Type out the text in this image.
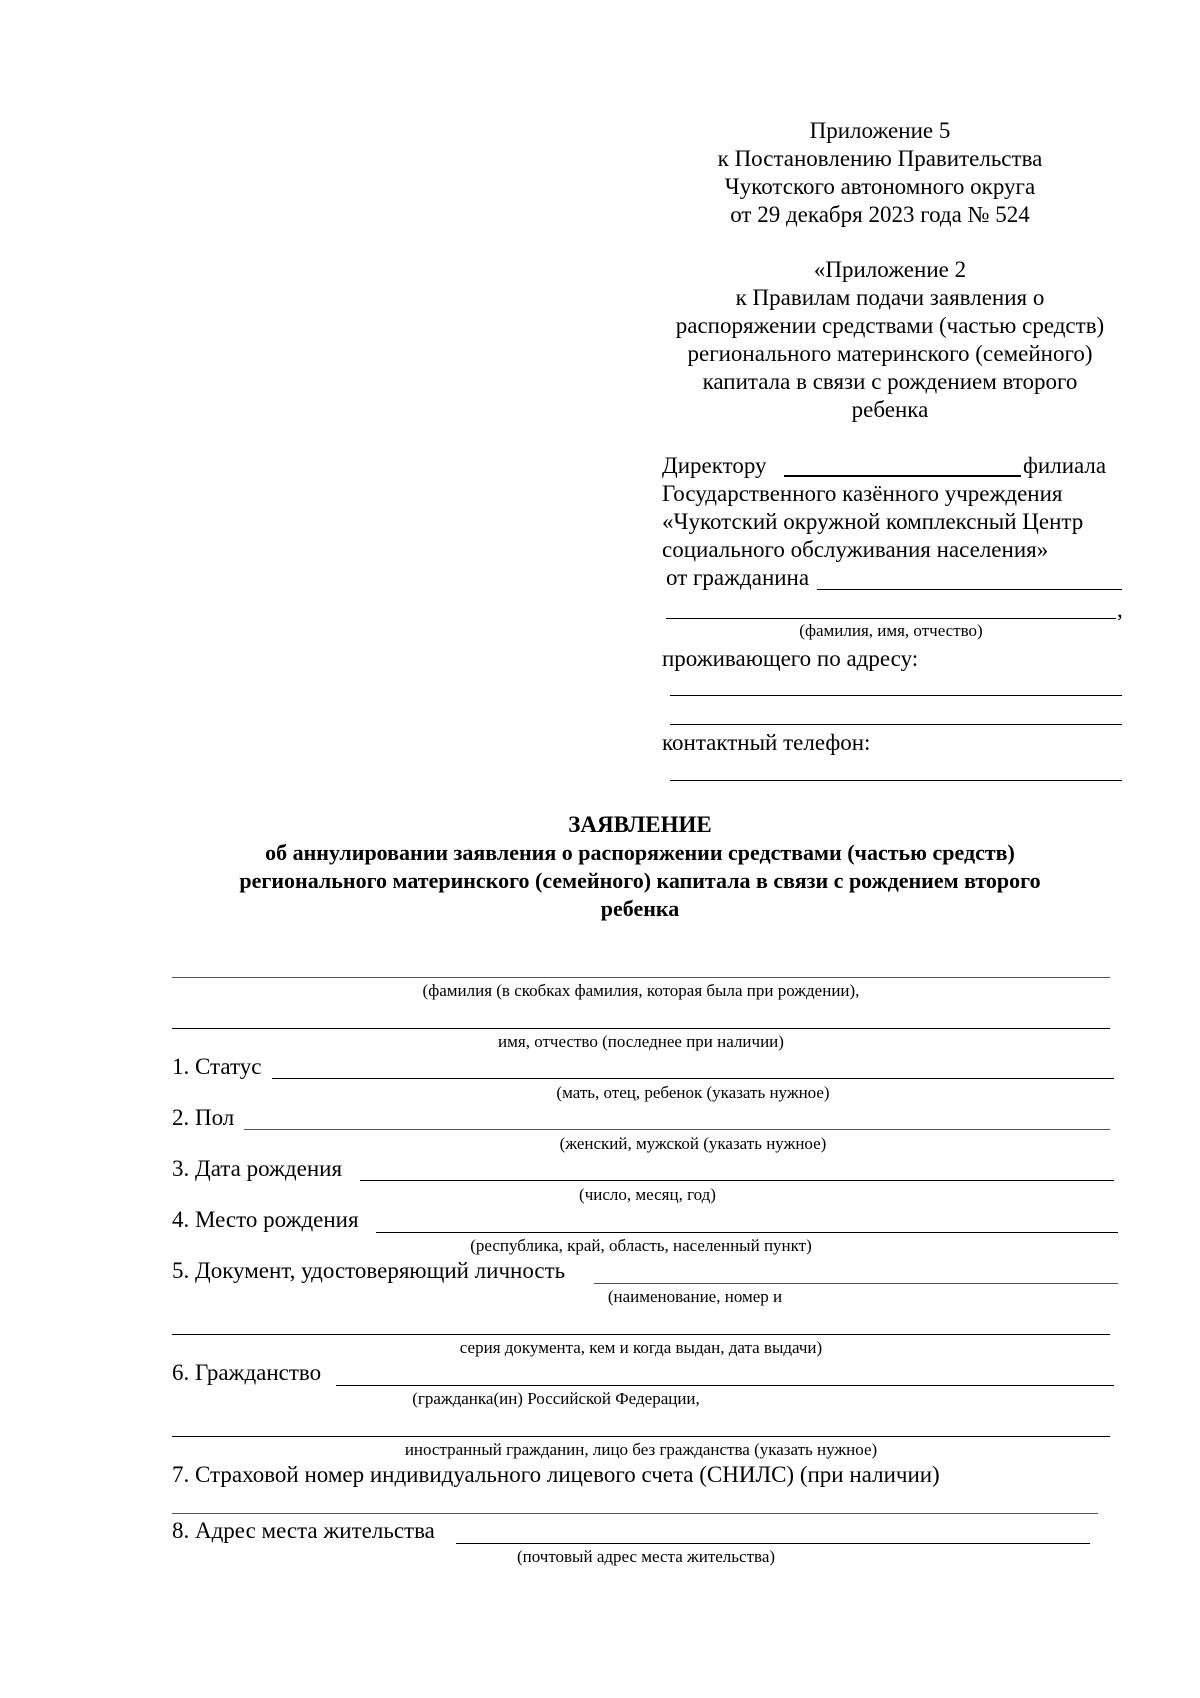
Приложение 5
к Постановлению Правительства
Чукотского автономного округа
от 29 декабря 2023 года № 524
«Приложение 2
к Правилам подачи заявления о
распоряжении средствами (частью средств)
регионального материнского (семейного)
капитала в связи с рождением второго
ребенка
Директору	филиала
Государственного казённого учреждения
«Чукотский окружной комплексный Центр
социального обслуживания населения»
от гражданина
,
(фамилия, имя, отчество)
проживающего по адресу:
контактный телефон:
ЗАЯВЛЕНИЕ
об аннулировании заявления о распоряжении средствами (частью средств)
регионального материнского (семейного) капитала в связи с рождением второго
ребенка
(фамилия (в скобках фамилия, которая была при рождении),
имя, отчество (последнее при наличии)
1. Статус
(мать, отец, ребенок (указать нужное)
2. Пол
(женский, мужской (указать нужное)
3. Дата рождения
(число, месяц, год)
4. Место рождения
(республика, край, область, населенный пункт)
5. Документ, удостоверяющий личность
(наименование, номер и
серия документа, кем и когда выдан, дата выдачи)
6. Гражданство
(гражданка(ин) Российской Федерации,
иностранный гражданин, лицо без гражданства (указать нужное)
7. Страховой номер индивидуального лицевого счета (СНИЛС) (при наличии)
8. Адрес места жительства
(почтовый адрес места жительства)
